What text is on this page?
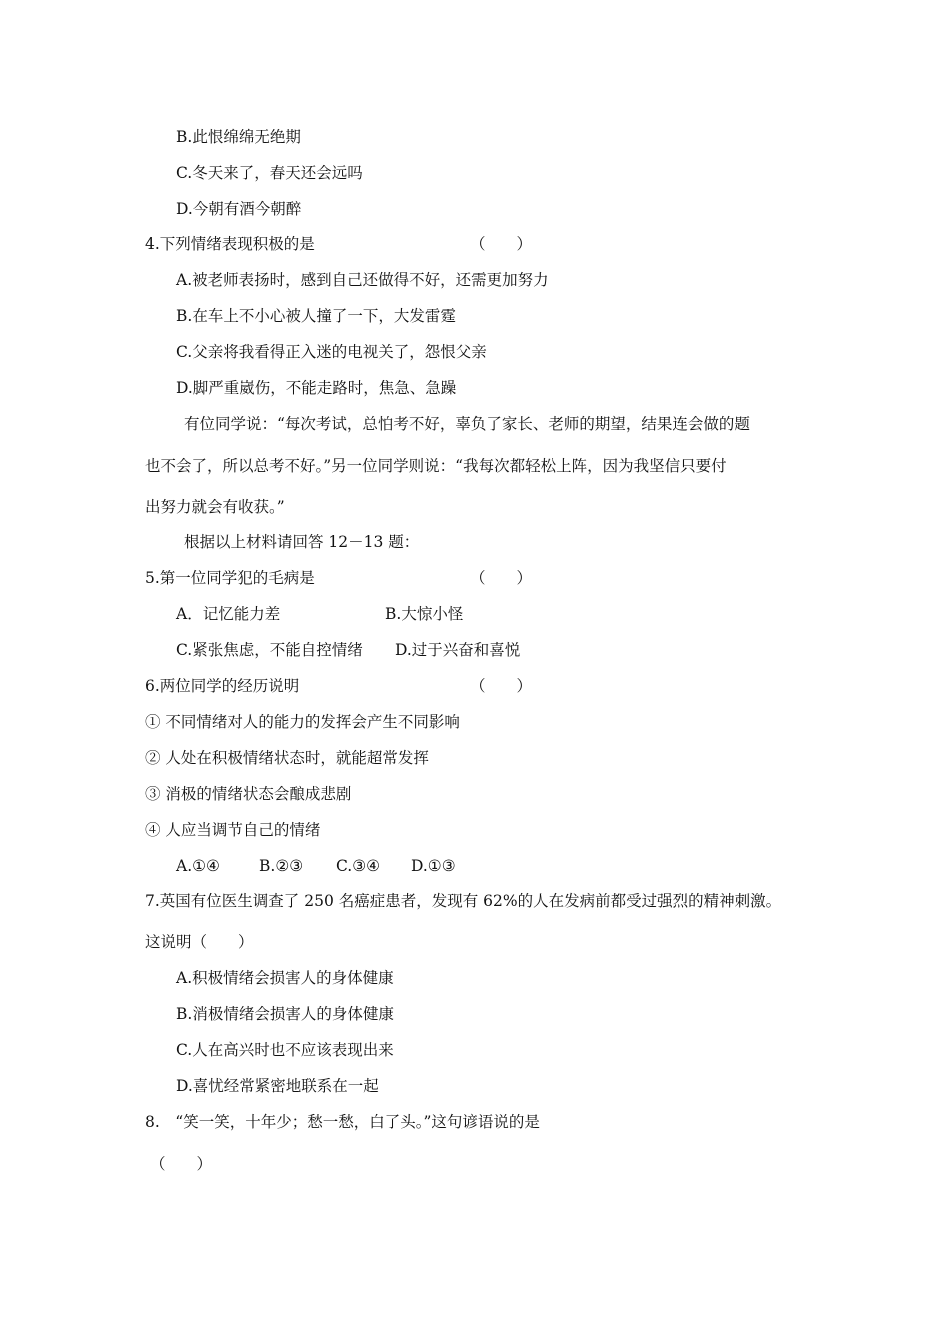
B.此恨绵绵无绝期
C.冬天来了，春天还会远吗
D.今朝有酒今朝醉
4.下列情绪表现积极的是	（　　）
A.被老师表扬时，感到自己还做得不好，还需更加努力
B.在车上不小心被人撞了一下，大发雷霆
C.父亲将我看得正入迷的电视关了，怨恨父亲
D.脚严重崴伤，不能走路时，焦急、急躁
有位同学说：“每次考试，总怕考不好，辜负了家长、老师的期望，结果连会做的题
也不会了，所以总考不好。”另一位同学则说：“我每次都轻松上阵，因为我坚信只要付
出努力就会有收获。”
根据以上材料请回答 12－13 题：
5.第一位同学犯的毛病是	（　　）
A．记忆能力差	B.大惊小怪
C.紧张焦虑，不能自控情绪 D.过于兴奋和喜悦
6.两位同学的经历说明	（　　）
① 不同情绪对人的能力的发挥会产生不同影响
② 人处在积极情绪状态时，就能超常发挥
③ 消极的情绪状态会酿成悲剧
④ 人应当调节自己的情绪
A.①④	B.②③ C.③④ D.①③
7.英国有位医生调查了 250 名癌症患者，发现有 62%的人在发病前都受过强烈的精神刺激。
这说明（　　）
A.积极情绪会损害人的身体健康
B.消极情绪会损害人的身体健康
C.人在高兴时也不应该表现出来
D.喜忧经常紧密地联系在一起
8.　“笑一笑，十年少；愁一愁，白了头。”这句谚语说的是
（　　）
